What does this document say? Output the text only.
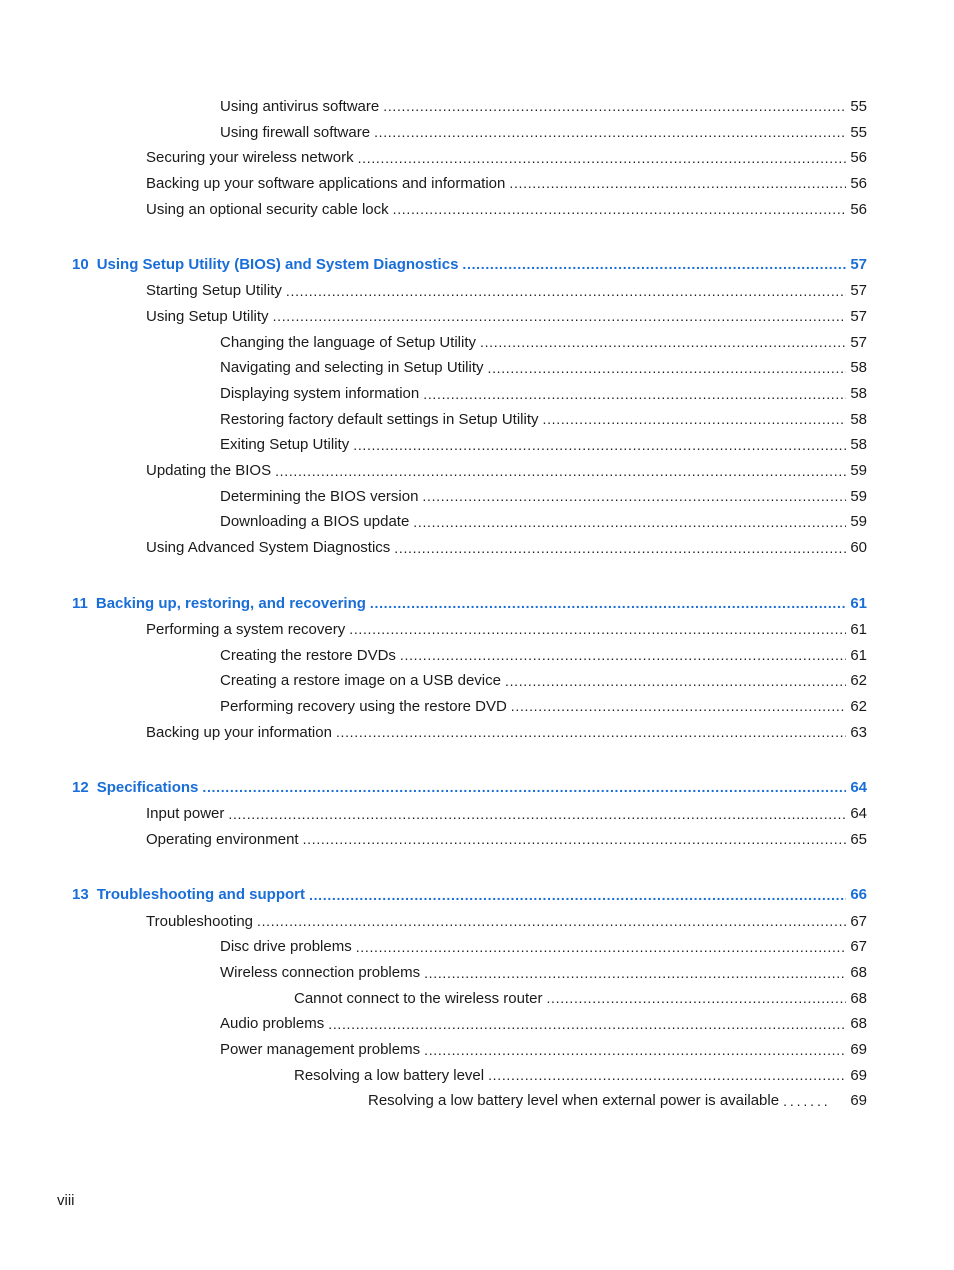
Using antivirus software . . .	55
Using firewall software . . .	55
Securing your wireless network . . .	56
Backing up your software applications and information . . .	56
Using an optional security cable lock . . .	56
10 Using Setup Utility (BIOS) and System Diagnostics . . .	57
Starting Setup Utility . . .	57
Using Setup Utility . . .	57
Changing the language of Setup Utility . . .	57
Navigating and selecting in Setup Utility . . .	58
Displaying system information . . .	58
Restoring factory default settings in Setup Utility . . .	58
Exiting Setup Utility . . .	58
Updating the BIOS . . .	59
Determining the BIOS version . . .	59
Downloading a BIOS update . . .	59
Using Advanced System Diagnostics . . .	60
11 Backing up, restoring, and recovering . . .	61
Performing a system recovery . . .	61
Creating the restore DVDs . . .	61
Creating a restore image on a USB device . . .	62
Performing recovery using the restore DVD . . .	62
Backing up your information . . .	63
12 Specifications . . .	64
Input power . . .	64
Operating environment . . .	65
13 Troubleshooting and support . . .	66
Troubleshooting . . .	67
Disc drive problems . . .	67
Wireless connection problems . . .	68
Cannot connect to the wireless router . . .	68
Audio problems . . .	68
Power management problems . . .	69
Resolving a low battery level . . .	69
Resolving a low battery level when external power is available . . .	69
viii
